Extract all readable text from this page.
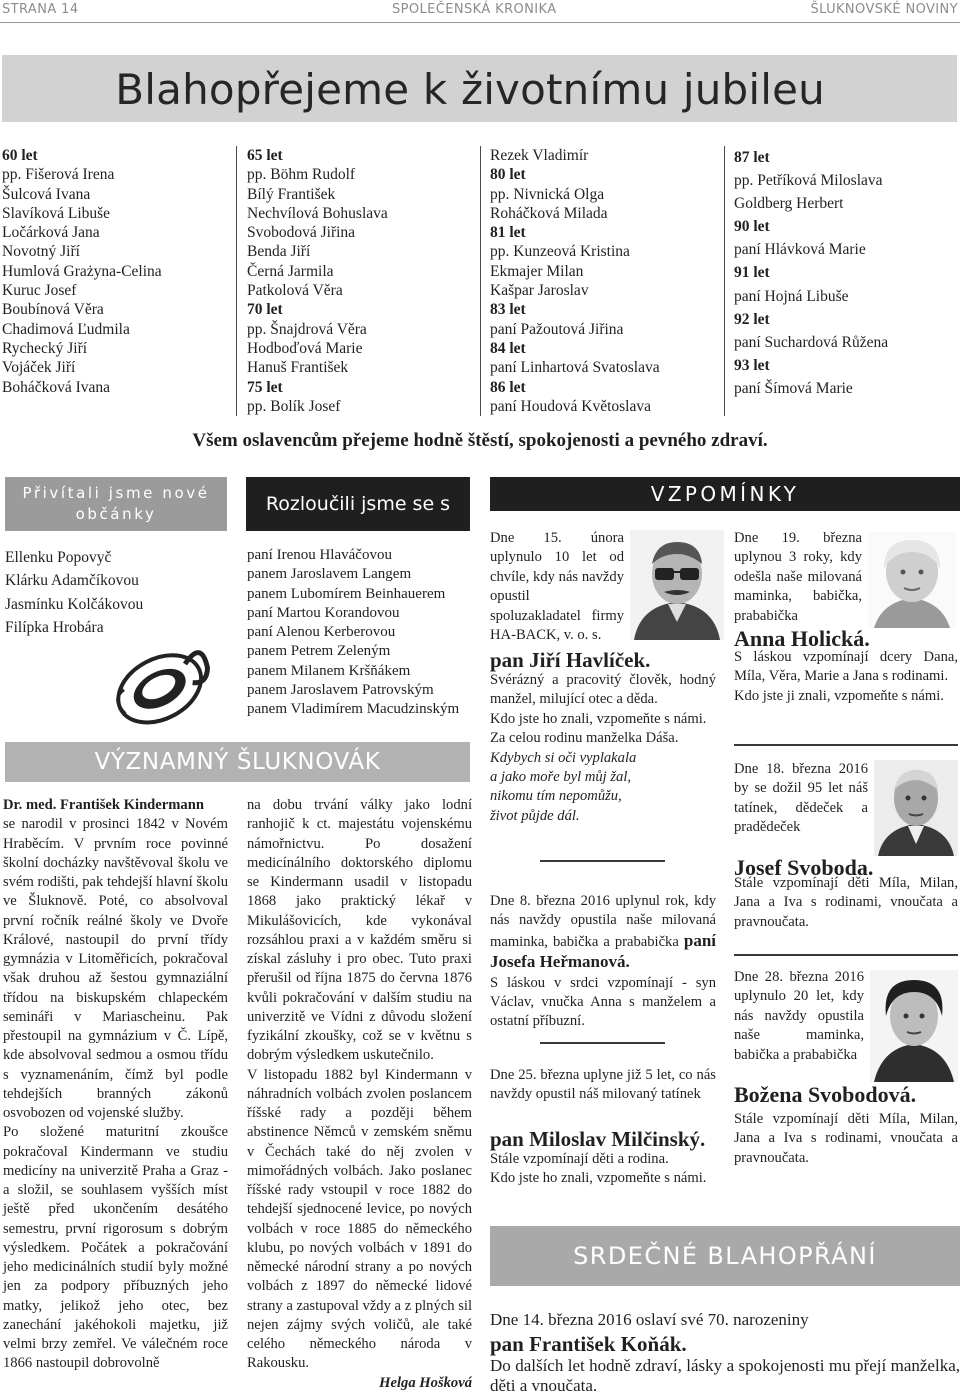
STRANA 14	SPOLEČENSKÁ KRONIKA	ŠLUKNOVSKÉ NOVINY
Blahopřejeme k životnímu jubileu
60 let
pp. Fišerová Irena
Šulcová Ivana
Slavíková Libuše
Ločárková Jana
Novotný Jiří
Humlová Grażyna-Celina
Kuruc Josef
Boubínová Věra
Chadimová Ľudmila
Rychecký Jiří
Vojáček Jiří
Boháčková Ivana
65 let
pp. Böhm Rudolf
Bílý František
Nechvílová Bohuslava
Svobodová Jiřina
Benda Jiří
Černá Jarmila
Patkolová Věra
70 let
pp. Šnajdrová Věra
Hodboďová Marie
Hanuš František
75 let
pp. Bolík Josef
Rezek Vladimír
80 let
pp. Nivnická Olga
Roháčková Milada
81 let
pp. Kunzeová Kristina
Ekmajer Milan
Kašpar Jaroslav
83 let
paní Pažoutová Jiřina
84 let
paní Linhartová Svatoslava
86 let
paní Houdová Květoslava
87 let
pp. Petříková Miloslava
Goldberg Herbert
90 let
paní Hlávková Marie
91 let
paní Hojná Libuše
92 let
paní Suchardová Růžena
93 let
paní Šímová Marie
Všem oslavencům přejeme hodně štěstí, spokojenosti a pevného zdraví.
Přivítali jsme nové občánky
Ellenku Popovyč
Klárku Adamčíkovou
Jasmínku Kolčákovou
Filípka Hrobára
Rozloučili jsme se s
paní Irenou Hlaváčovou
panem Jaroslavem Langem
panem Lubomírem Beinhauerem
paní Martou Korandovou
paní Alenou Kerberovou
panem Petrem Zeleným
panem Milanem Kršňákem
panem Jaroslavem Patrovským
panem Vladimírem Macudzinským
VÝZNAMNÝ ŠLUKNOVÁK
Dr. med. František Kindermann
se narodil v prosinci 1842 v Novém Hraběcím. V prvním roce povinné školní docházky navštěvoval školu ve svém rodišti, pak tehdejší hlavní školu ve Šluknově. Poté, co absolvoval první ročník reálné školy ve Dvoře Králové, nastoupil do první třídy gymnázia v Litoměřicích, pokračoval však druhou až šestou gymnaziální třídou na biskupském chlapeckém semináři v Mariascheinu. Pak přestoupil na gymnázium v Č. Lípě, kde absolvoval sedmou a osmou třídu s vyznamenáním, čímž byl podle tehdejších branných zákonů osvobozen od vojenské služby.
Po složené maturitní zkoušce pokračoval Kindermann ve studiu medicíny na univerzitě Praha a Graz - a složil, se souhlasem vyšších míst ještě před ukončením desátého semestru, první rigorosum s dobrým výsledkem. Počátek a pokračování jeho medicinálních studií byly možné jen za podpory příbuzných jeho matky, jelikož jeho otec, bez zanechání jakéhokoli majetku, již velmi brzy zemřel. Ve válečném roce 1866 nastoupil dobrovolně
na dobu trvání války jako lodní ranhojič k ct. majestátu vojenskému námořnictvu. Po dosažení medicínálního doktorského diplomu se Kindermann usadil v listopadu 1868 jako praktický lékař v Mikulášovicích, kde vykonával rozsáhlou praxi a v každém směru si získal zásluhy i pro obec. Tuto praxi přerušil od října 1875 do června 1876 kvůli pokračování v dalším studiu na univerzitě ve Vídni z důvodu složení fyzikální zkoušky, což se v květnu s dobrým výsledkem uskutečnilo.
V listopadu 1882 byl Kindermann v náhradních volbách zvolen poslancem říšské rady a později během abstinence Němců v zemském sněmu v Čechách také do něj zvolen v mimořádných volbách. Jako poslanec říšské rady vstoupil v roce 1882 do tehdejší sjednocené levice, po nových volbách v roce 1885 do německého klubu, po nových volbách v 1891 do německé národní strany a po nových volbách z 1897 do německé lidové strany a zastupoval vždy a z plných sil nejen zájmy svých voličů, ale také celého německého národa v Rakousku.
Helga Hošková
VZPOMÍNKY
Dne 15. února uplynulo 10 let od chvíle, kdy nás navždy opustil spoluzakladatel firmy HA-BACK, v. o. s.
pan Jiří Havlíček.
Svérázný a pracovitý člověk, hodný manžel, milující otec a děda.
Kdo jste ho znali, vzpomeňte s námi.
Za celou rodinu manželka Dáša.
Kdybych si oči vyplakala
a jako moře byl můj žal,
nikomu tím nepomůžu,
život půjde dál.
Dne 8. března 2016 uplynul rok, kdy nás navždy opustila naše milovaná maminka, babička a prababička paní Josefa Heřmanová.
S láskou v srdci vzpomínají - syn Václav, vnučka Anna s manželem a ostatní příbuzní.
Dne 25. března uplyne již 5 let, co nás navždy opustil náš milovaný tatínek
pan Miloslav Milčinský.
Stále vzpomínají děti a rodina.
Kdo jste ho znali, vzpomeňte s námi.
Dne 19. března uplynou 3 roky, kdy odešla naše milovaná maminka, babička, prababička
Anna Holická.
S láskou vzpomínají dcery Dana, Míla, Věra, Marie a Jana s rodinami.
Kdo jste ji znali, vzpomeňte s námi.
Dne 18. března 2016 by se dožil 95 let náš tatínek, dědeček a pradědeček
Josef Svoboda.
Stále vzpomínají děti Míla, Milan, Jana a Iva s rodinami, vnoučata a pravnoučata.
Dne 28. března 2016 uplynulo 20 let, kdy nás navždy opustila naše maminka, babička a prababička
Božena Svobodová.
Stále vzpomínají děti Míla, Milan, Jana a Iva s rodinami, vnoučata a pravnoučata.
SRDEČNÉ BLAHOPŘÁNÍ
Dne 14. března 2016 oslaví své 70. narozeniny
pan František Koňák.
Do dalších let hodně zdraví, lásky a spokojenosti mu přejí manželka, děti a vnoučata.
